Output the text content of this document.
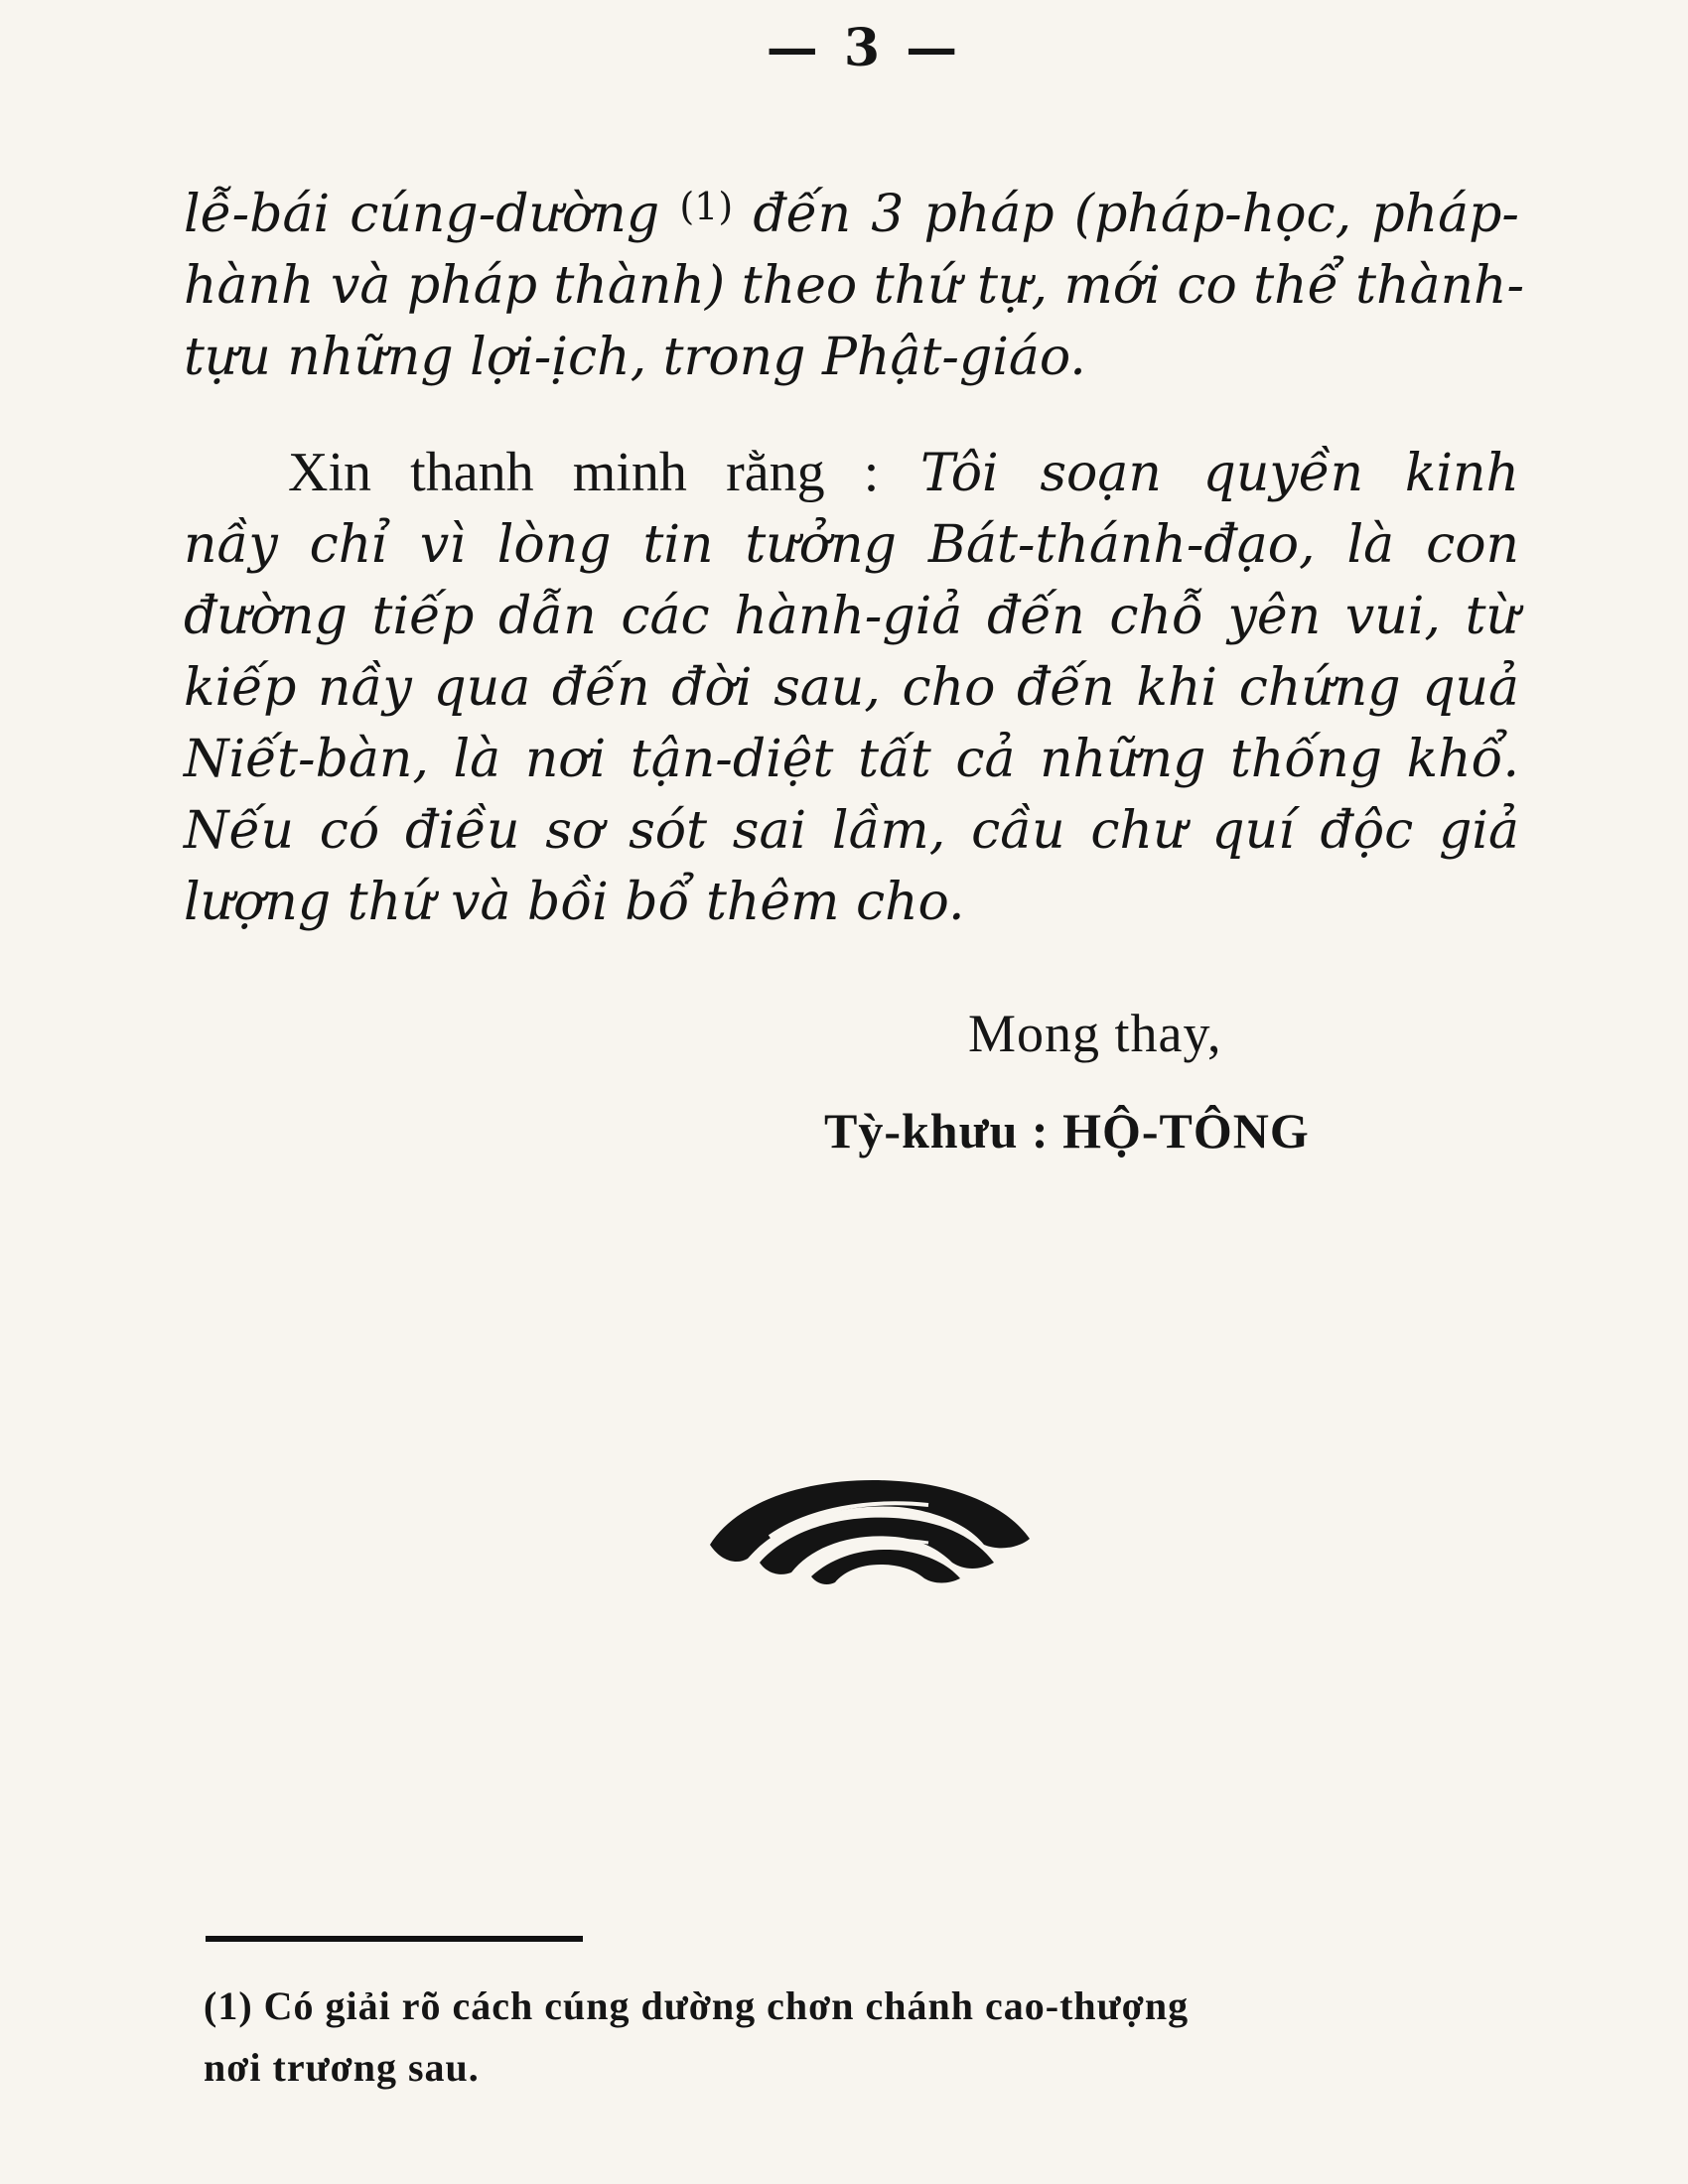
— 3 —
lễ-bái cúng-dường $^{(1)}$ đến 3 pháp (pháp-học, pháp-
hành và pháp thành) theo thứ tự, mới co thể thành-
tựu những lợi-ịch, trong Phật-giáo.
Xin thanh minh rằng : Tôi soạn quyền kinh
nầy chỉ vì lòng tin tưởng Bát-thánh-đạo, là con
đường tiếp dẫn các hành-giả đến chỗ yên vui, từ
kiếp nầy qua đến đời sau, cho đến khi chứng quả
Niết-bàn, là nơi tận-diệt tất cả những thống khổ.
Nếu có điều sơ sót sai lầm, cầu chư quí độc giả
lượng thứ và bồi bổ thêm cho.
Mong thay,
Tỳ-khưu : HỘ-TÔNG
(1) Có giải rõ cách cúng dường chơn chánh cao-thượng
nơi trương sau.
